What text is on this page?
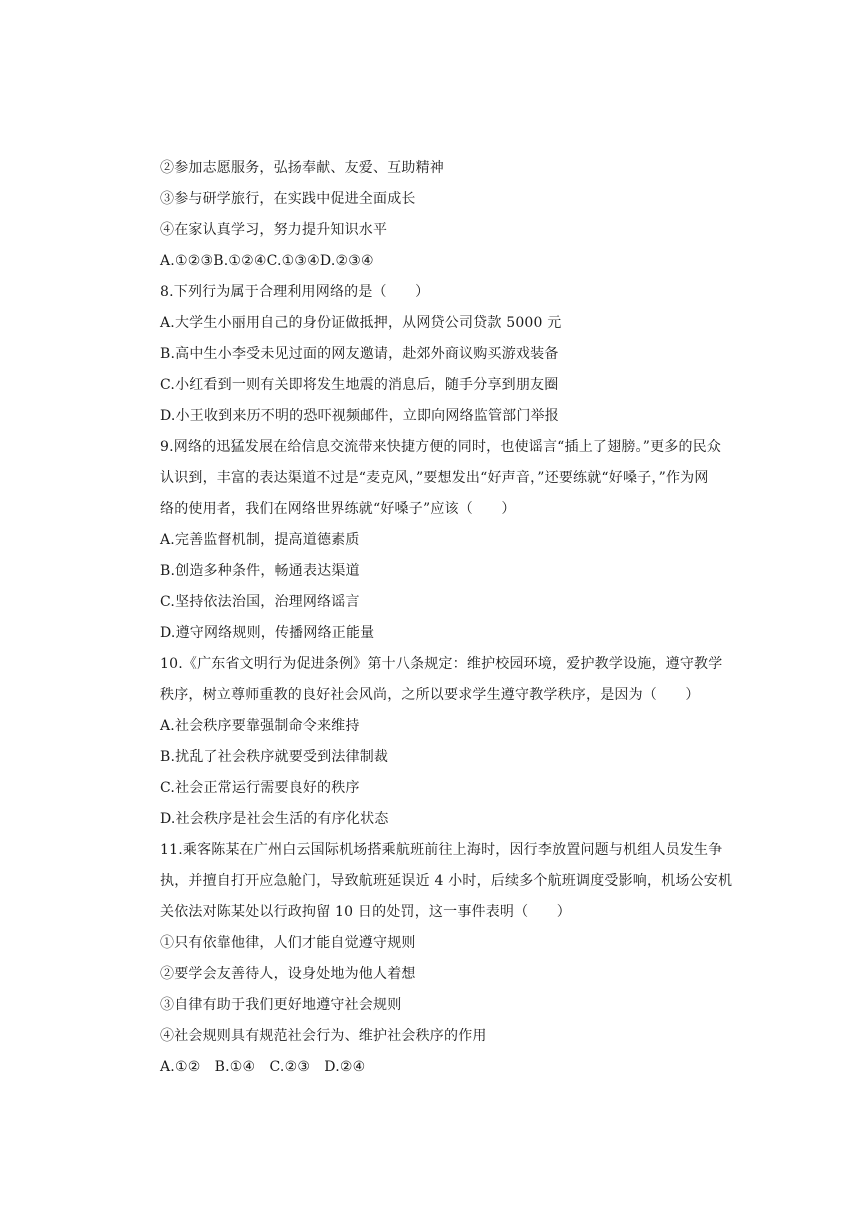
②参加志愿服务，弘扬奉献、友爱、互助精神
③参与研学旅行，在实践中促进全面成长
④在家认真学习，努力提升知识水平
A.①②③B.①②④C.①③④D.②③④
8.下列行为属于合理利用网络的是（　　）
A.大学生小丽用自己的身份证做抵押，从网贷公司贷款 5000 元
B.高中生小李受未见过面的网友邀请，赴郊外商议购买游戏装备
C.小红看到一则有关即将发生地震的消息后，随手分享到朋友圈
D.小王收到来历不明的恐吓视频邮件，立即向网络监管部门举报
9.网络的迅猛发展在给信息交流带来快捷方便的同时，也使谣言“插上了翅膀。”更多的民众
认识到，丰富的表达渠道不过是“麦克风，”要想发出“好声音，”还要练就“好嗓子，”作为网
络的使用者，我们在网络世界练就“好嗓子”应该（　　）
A.完善监督机制，提高道德素质
B.创造多种条件，畅通表达渠道
C.坚持依法治国，治理网络谣言
D.遵守网络规则，传播网络正能量
10.《广东省文明行为促进条例》第十八条规定：维护校园环境，爱护教学设施，遵守教学
秩序，树立尊师重教的良好社会风尚，之所以要求学生遵守教学秩序，是因为（　　）
A.社会秩序要靠强制命令来维持
B.扰乱了社会秩序就要受到法律制裁
C.社会正常运行需要良好的秩序
D.社会秩序是社会生活的有序化状态
11.乘客陈某在广州白云国际机场搭乘航班前往上海时，因行李放置问题与机组人员发生争
执，并擅自打开应急舱门，导致航班延误近 4 小时，后续多个航班调度受影响，机场公安机
关依法对陈某处以行政拘留 10 日的处罚，这一事件表明（　　）
①只有依靠他律，人们才能自觉遵守规则
②要学会友善待人，设身处地为他人着想
③自律有助于我们更好地遵守社会规则
④社会规则具有规范社会行为、维护社会秩序的作用
A.①②　B.①④　C.②③　D.②④
